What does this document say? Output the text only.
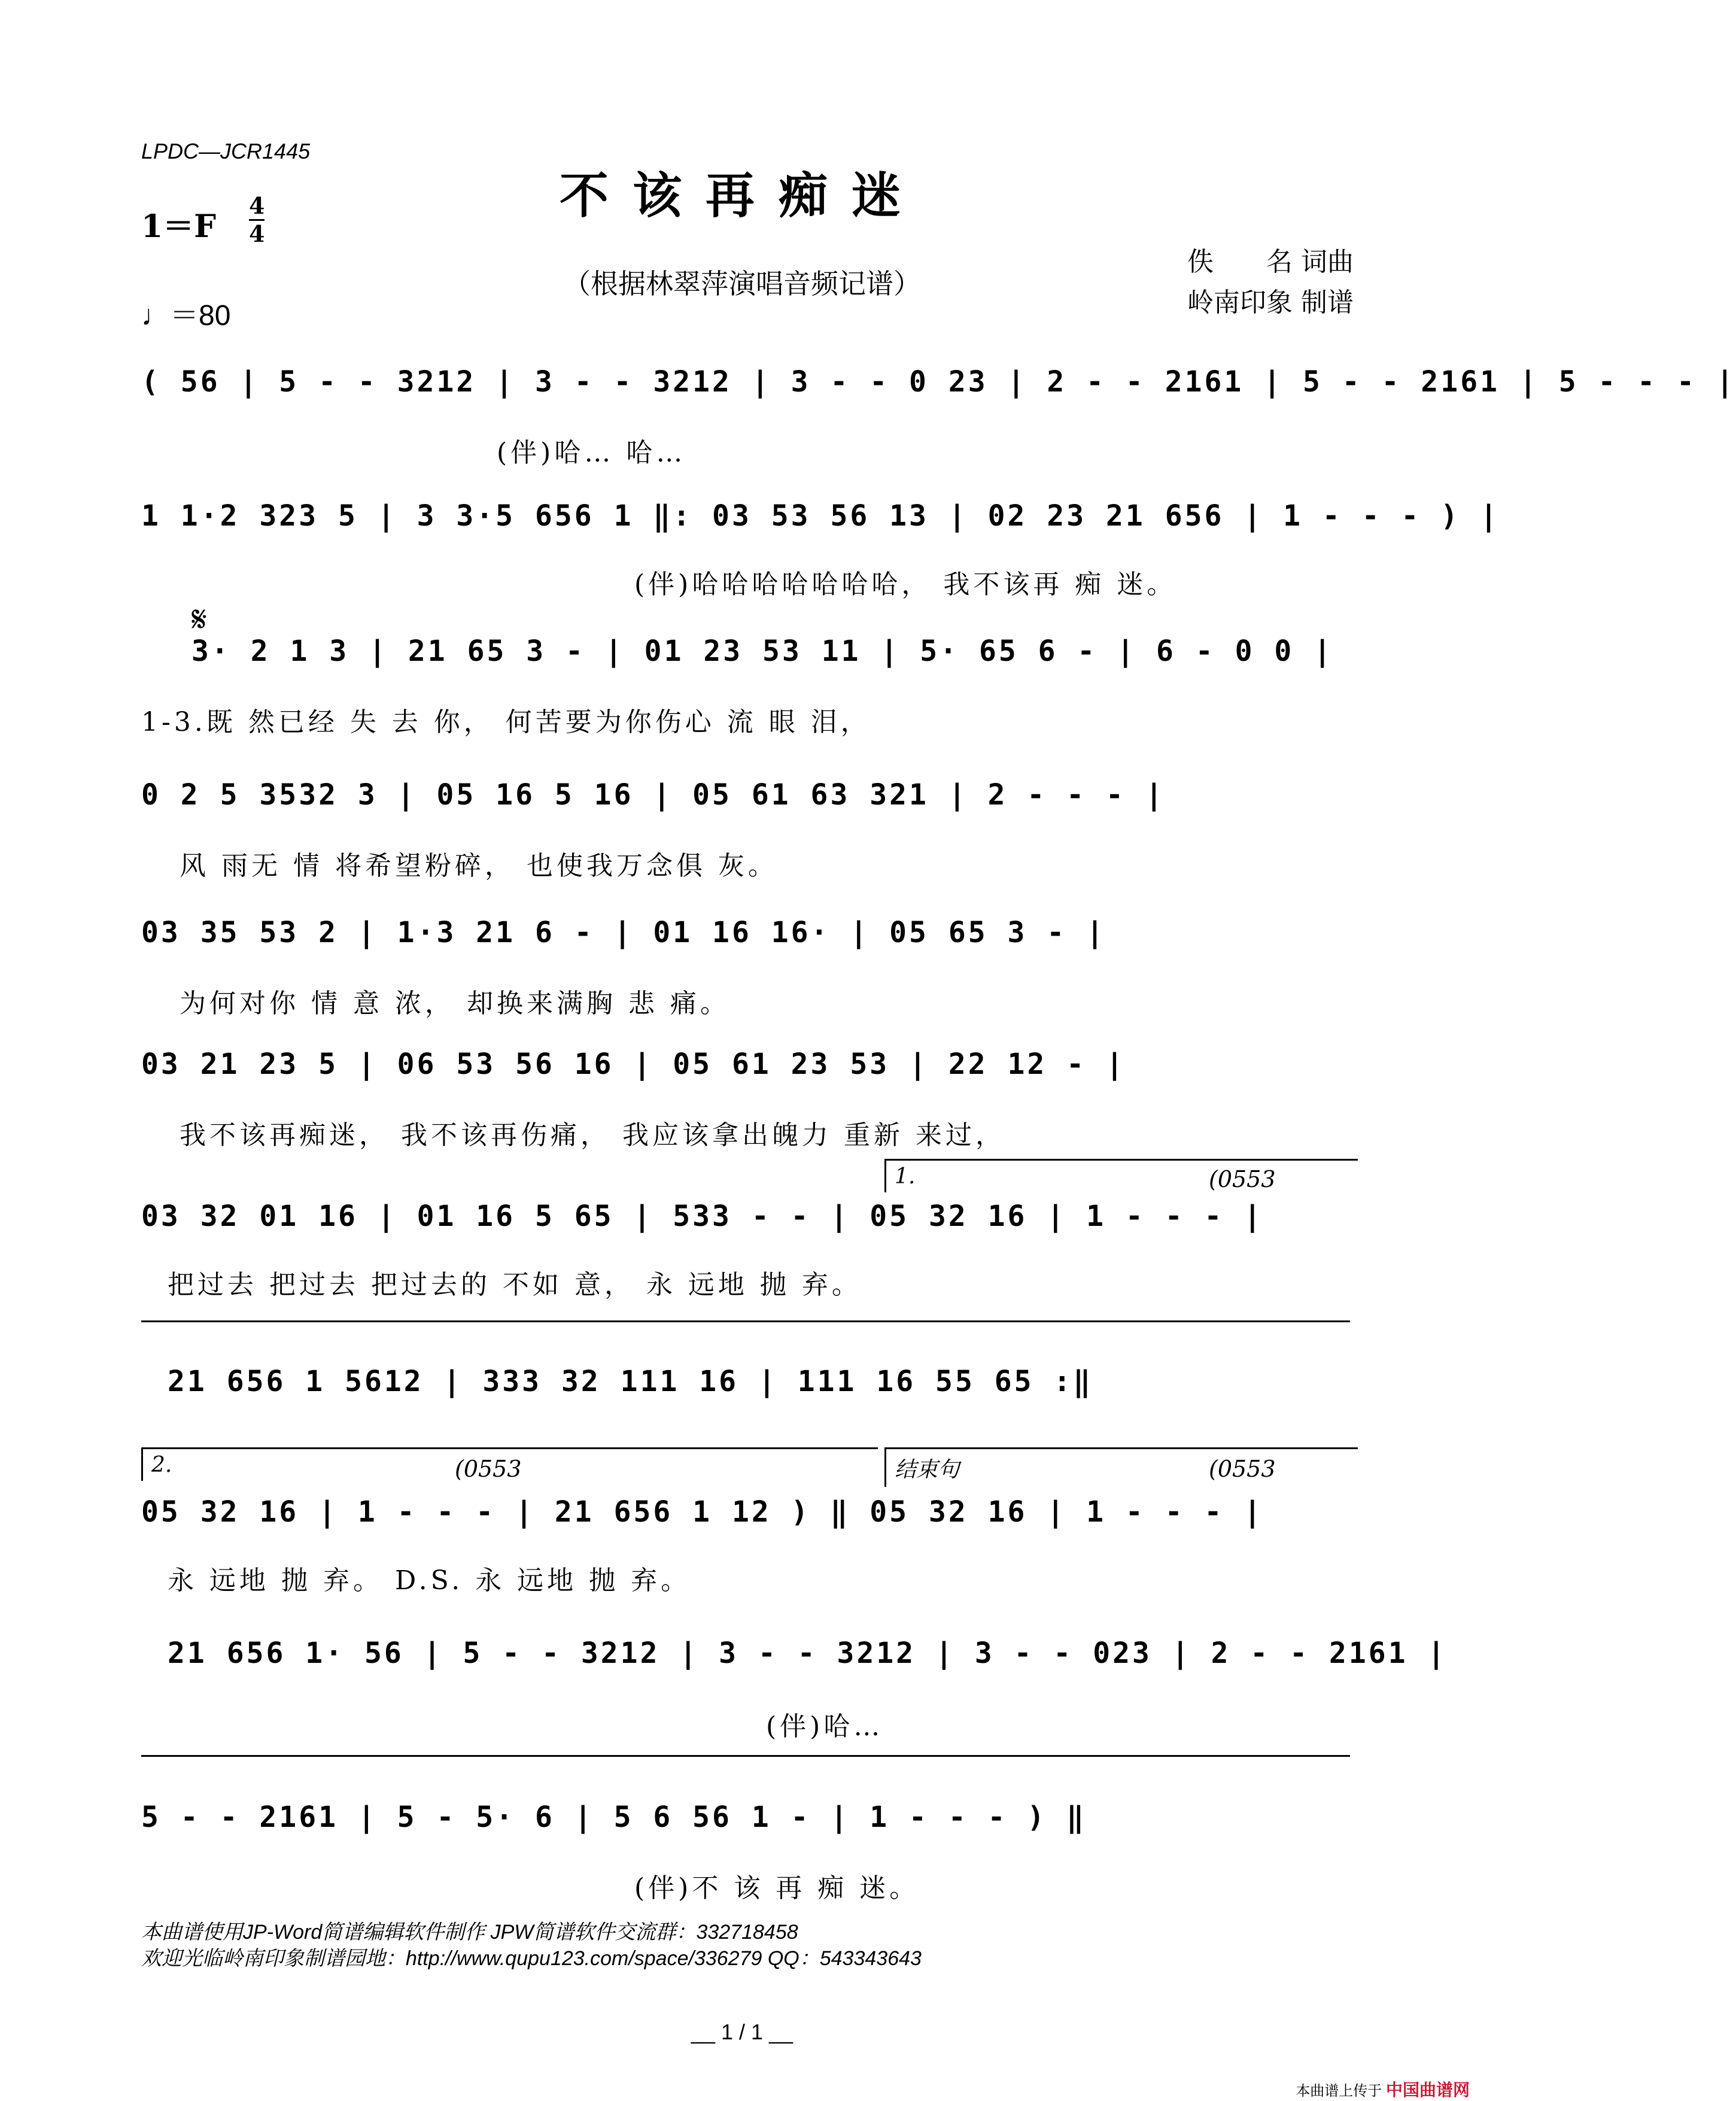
LPDC—JCR1445
不该再痴迷
（根据林翠萍演唱音频记谱）
1＝F
4
4
♩＝80
佚　　名 词曲
岭南印象 制谱
𝄋
( 56 | 5 - - 3212 | 3 - - 3212 | 3 - - 0 23 | 2 - - 2161 | 5 - - 2161 | 5 - - - |
(伴)哈… 哈…
1 1·2 323 5 | 3 3·5 656 1 ‖: 03 53 56 13 | 02 23 21 656 | 1 - - - ) |
(伴)哈哈哈哈哈哈哈， 我不该再 痴 迷。
3· 2 1 3 | 21 65 3 - | 01 23 53 11 | 5· 65 6 - | 6 - 0 0 |
1-3.既 然已经 失 去 你， 何苦要为你伤心 流 眼 泪，
0 2 5 3532 3 | 05 16 5 16 | 05 61 63 321 | 2 - - - |
风 雨无 情 将希望粉碎， 也使我万念俱 灰。
03 35 53 2 | 1·3 21 6 - | 01 16 16· | 05 65 3 - |
为何对你 情 意 浓， 却换来满胸 悲 痛。
03 21 23 5 | 06 53 56 16 | 05 61 23 53 | 22 12 - |
我不该再痴迷， 我不该再伤痛， 我应该拿出魄力 重新 来过，
1.	(0553
03 32 01 16 | 01 16 5 65 | 533 - - | 05 32 16 | 1 - - - |
把过去 把过去 把过去的 不如 意， 永 远地 抛 弃。
21 656 1 5612 | 333 32 111 16 | 111 16 55 65 :‖
2.	结束句
(0553	(0553
05 32 16 | 1 - - - | 21 656 1 12 ) ‖ 05 32 16 | 1 - - - |
永 远地 抛 弃。 D.S. 永 远地 抛 弃。
21 656 1· 56 | 5 - - 3212 | 3 - - 3212 | 3 - - 023 | 2 - - 2161 |
(伴)哈…
5 - - 2161 | 5 - 5· 6 | 5 6 56 1 - | 1 - - - ) ‖
(伴)不 该 再 痴 迷。
本曲谱使用JP-Word简谱编辑软件制作 JPW简谱软件交流群：332718458
欢迎光临岭南印象制谱园地：http://www.qupu123.com/space/336279 QQ：543343643
__ 1 / 1 __
本曲谱上传于 中国曲谱网
